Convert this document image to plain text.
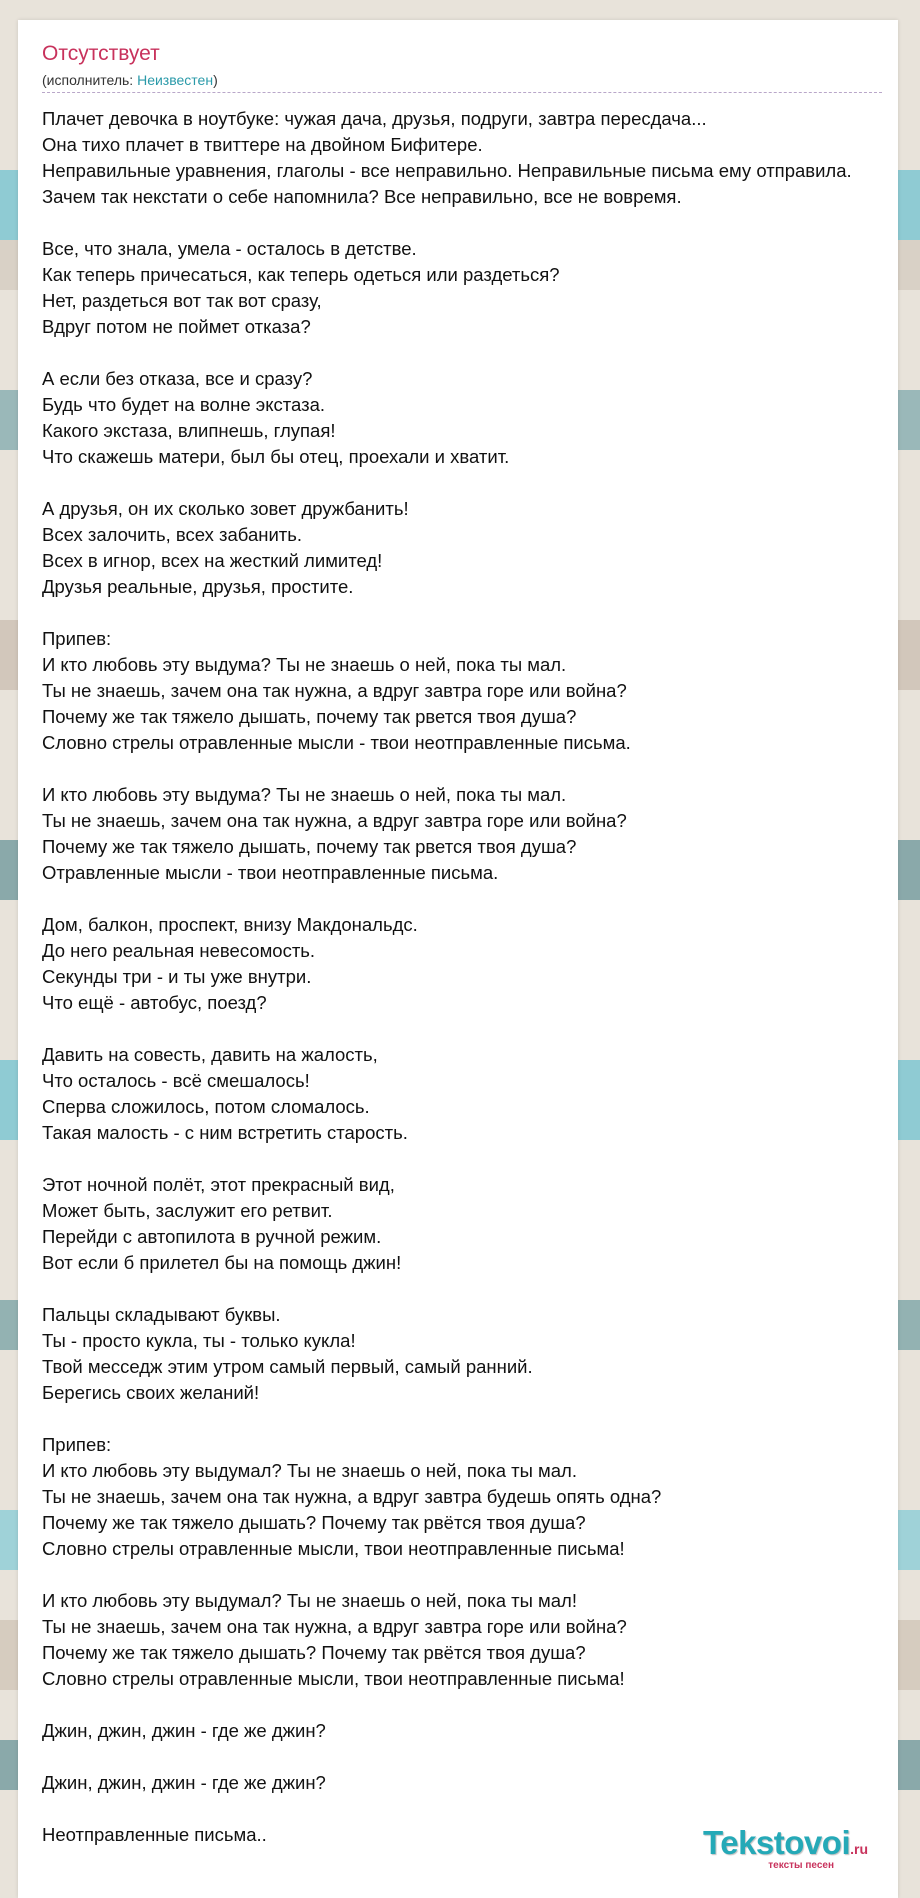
Отсутствует
(исполнитель: Неизвестен)
Плачет девочка в ноутбуке: чужая дача, друзья, подруги, завтра пересдача...
Она тихо плачет в твиттере на двойном Бифитере.
Неправильные уравнения, глаголы - все неправильно. Неправильные письма ему отправила.
Зачем так некстати о себе напомнила? Все неправильно, все не вовремя.
Все, что знала, умела - осталось в детстве.
Как теперь причесаться, как теперь одеться или раздеться?
Нет, раздеться вот так вот сразу,
Вдруг потом не поймет отказа?
А если без отказа, все и сразу?
Будь что будет на волне экстаза.
Какого экстаза, влипнешь, глупая!
Что скажешь матери, был бы отец, проехали и хватит.
А друзья, он их сколько зовет дружбанить!
Всех залочить, всех забанить.
Всех в игнор, всех на жесткий лимитед!
Друзья реальные, друзья, простите.
Припев:
И кто любовь эту выдума? Ты не знаешь о ней, пока ты мал.
Ты не знаешь, зачем она так нужна, а вдруг завтра горе или война?
Почему же так тяжело дышать, почему так рвется твоя душа?
Словно стрелы отравленные мысли - твои неотправленные письма.
И кто любовь эту выдума? Ты не знаешь о ней, пока ты мал.
Ты не знаешь, зачем она так нужна, а вдруг завтра горе или война?
Почему же так тяжело дышать, почему так рвется твоя душа?
Отравленные мысли - твои неотправленные письма.
Дом, балкон, проспект, внизу Макдональдс.
До него реальная невесомость.
Секунды три - и ты уже внутри.
Что ещё - автобус, поезд?
Давить на совесть, давить на жалость,
Что осталось - всё смешалось!
Сперва сложилось, потом сломалось.
Такая малость - с ним встретить старость.
Этот ночной полёт, этот прекрасный вид,
Может быть, заслужит его ретвит.
Перейди с автопилота в ручной режим.
Вот если б прилетел бы на помощь джин!
Пальцы складывают буквы.
Ты - просто кукла, ты - только кукла!
Твой месседж этим утром самый первый, самый ранний.
Берегись своих желаний!
Припев:
И кто любовь эту выдумал? Ты не знаешь о ней, пока ты мал.
Ты не знаешь, зачем она так нужна, а вдруг завтра будешь опять одна?
Почему же так тяжело дышать? Почему так рвётся твоя душа?
Словно стрелы отравленные мысли, твои неотправленные письма!
И кто любовь эту выдумал? Ты не знаешь о ней, пока ты мал!
Ты не знаешь, зачем она так нужна, а вдруг завтра горе или война?
Почему же так тяжело дышать? Почему так рвётся твоя душа?
Словно стрелы отравленные мысли, твои неотправленные письма!
Джин, джин, джин - где же джин?
Джин, джин, джин - где же джин?
Неотправленные письма..	Tekstovoi.ru
тексты песен
